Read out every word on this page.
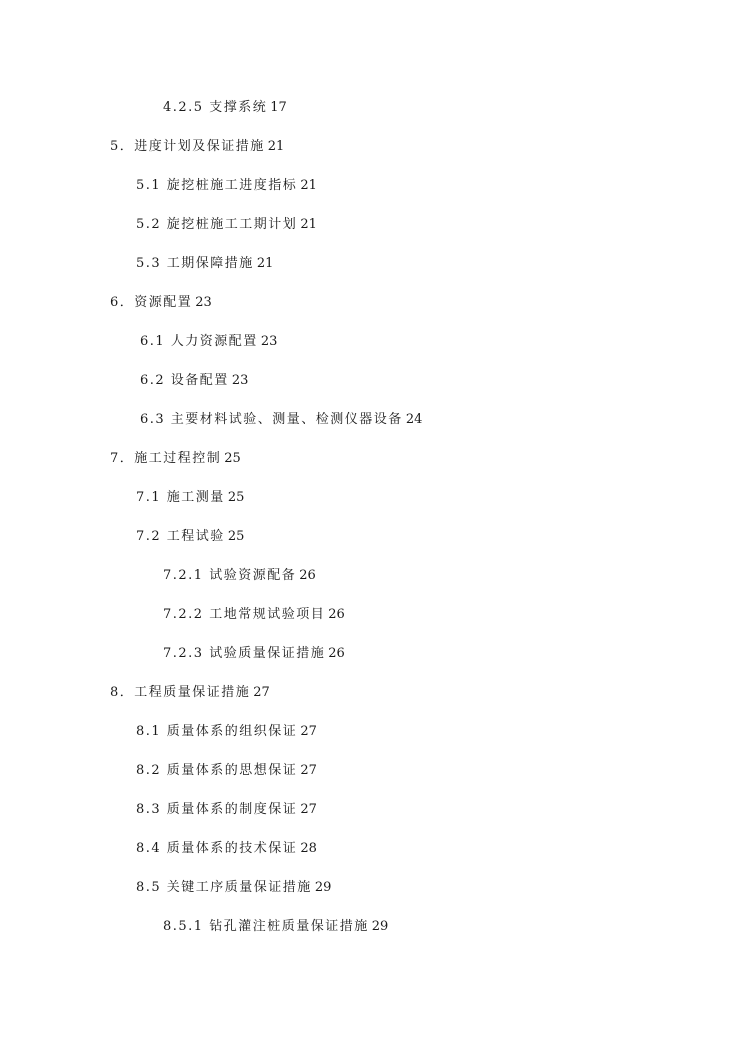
4.2.5 支撑系统 17
5．进度计划及保证措施 21
5.1 旋挖桩施工进度指标 21
5.2 旋挖桩施工工期计划 21
5.3 工期保障措施 21
6．资源配置 23
6.1 人力资源配置 23
6.2 设备配置 23
6.3 主要材料试验、测量、检测仪器设备 24
7．施工过程控制 25
7.1 施工测量 25
7.2 工程试验 25
7.2.1 试验资源配备 26
7.2.2 工地常规试验项目 26
7.2.3 试验质量保证措施 26
8．工程质量保证措施 27
8.1 质量体系的组织保证 27
8.2 质量体系的思想保证 27
8.3 质量体系的制度保证 27
8.4 质量体系的技术保证 28
8.5 关键工序质量保证措施 29
8.5.1 钻孔灌注桩质量保证措施 29
